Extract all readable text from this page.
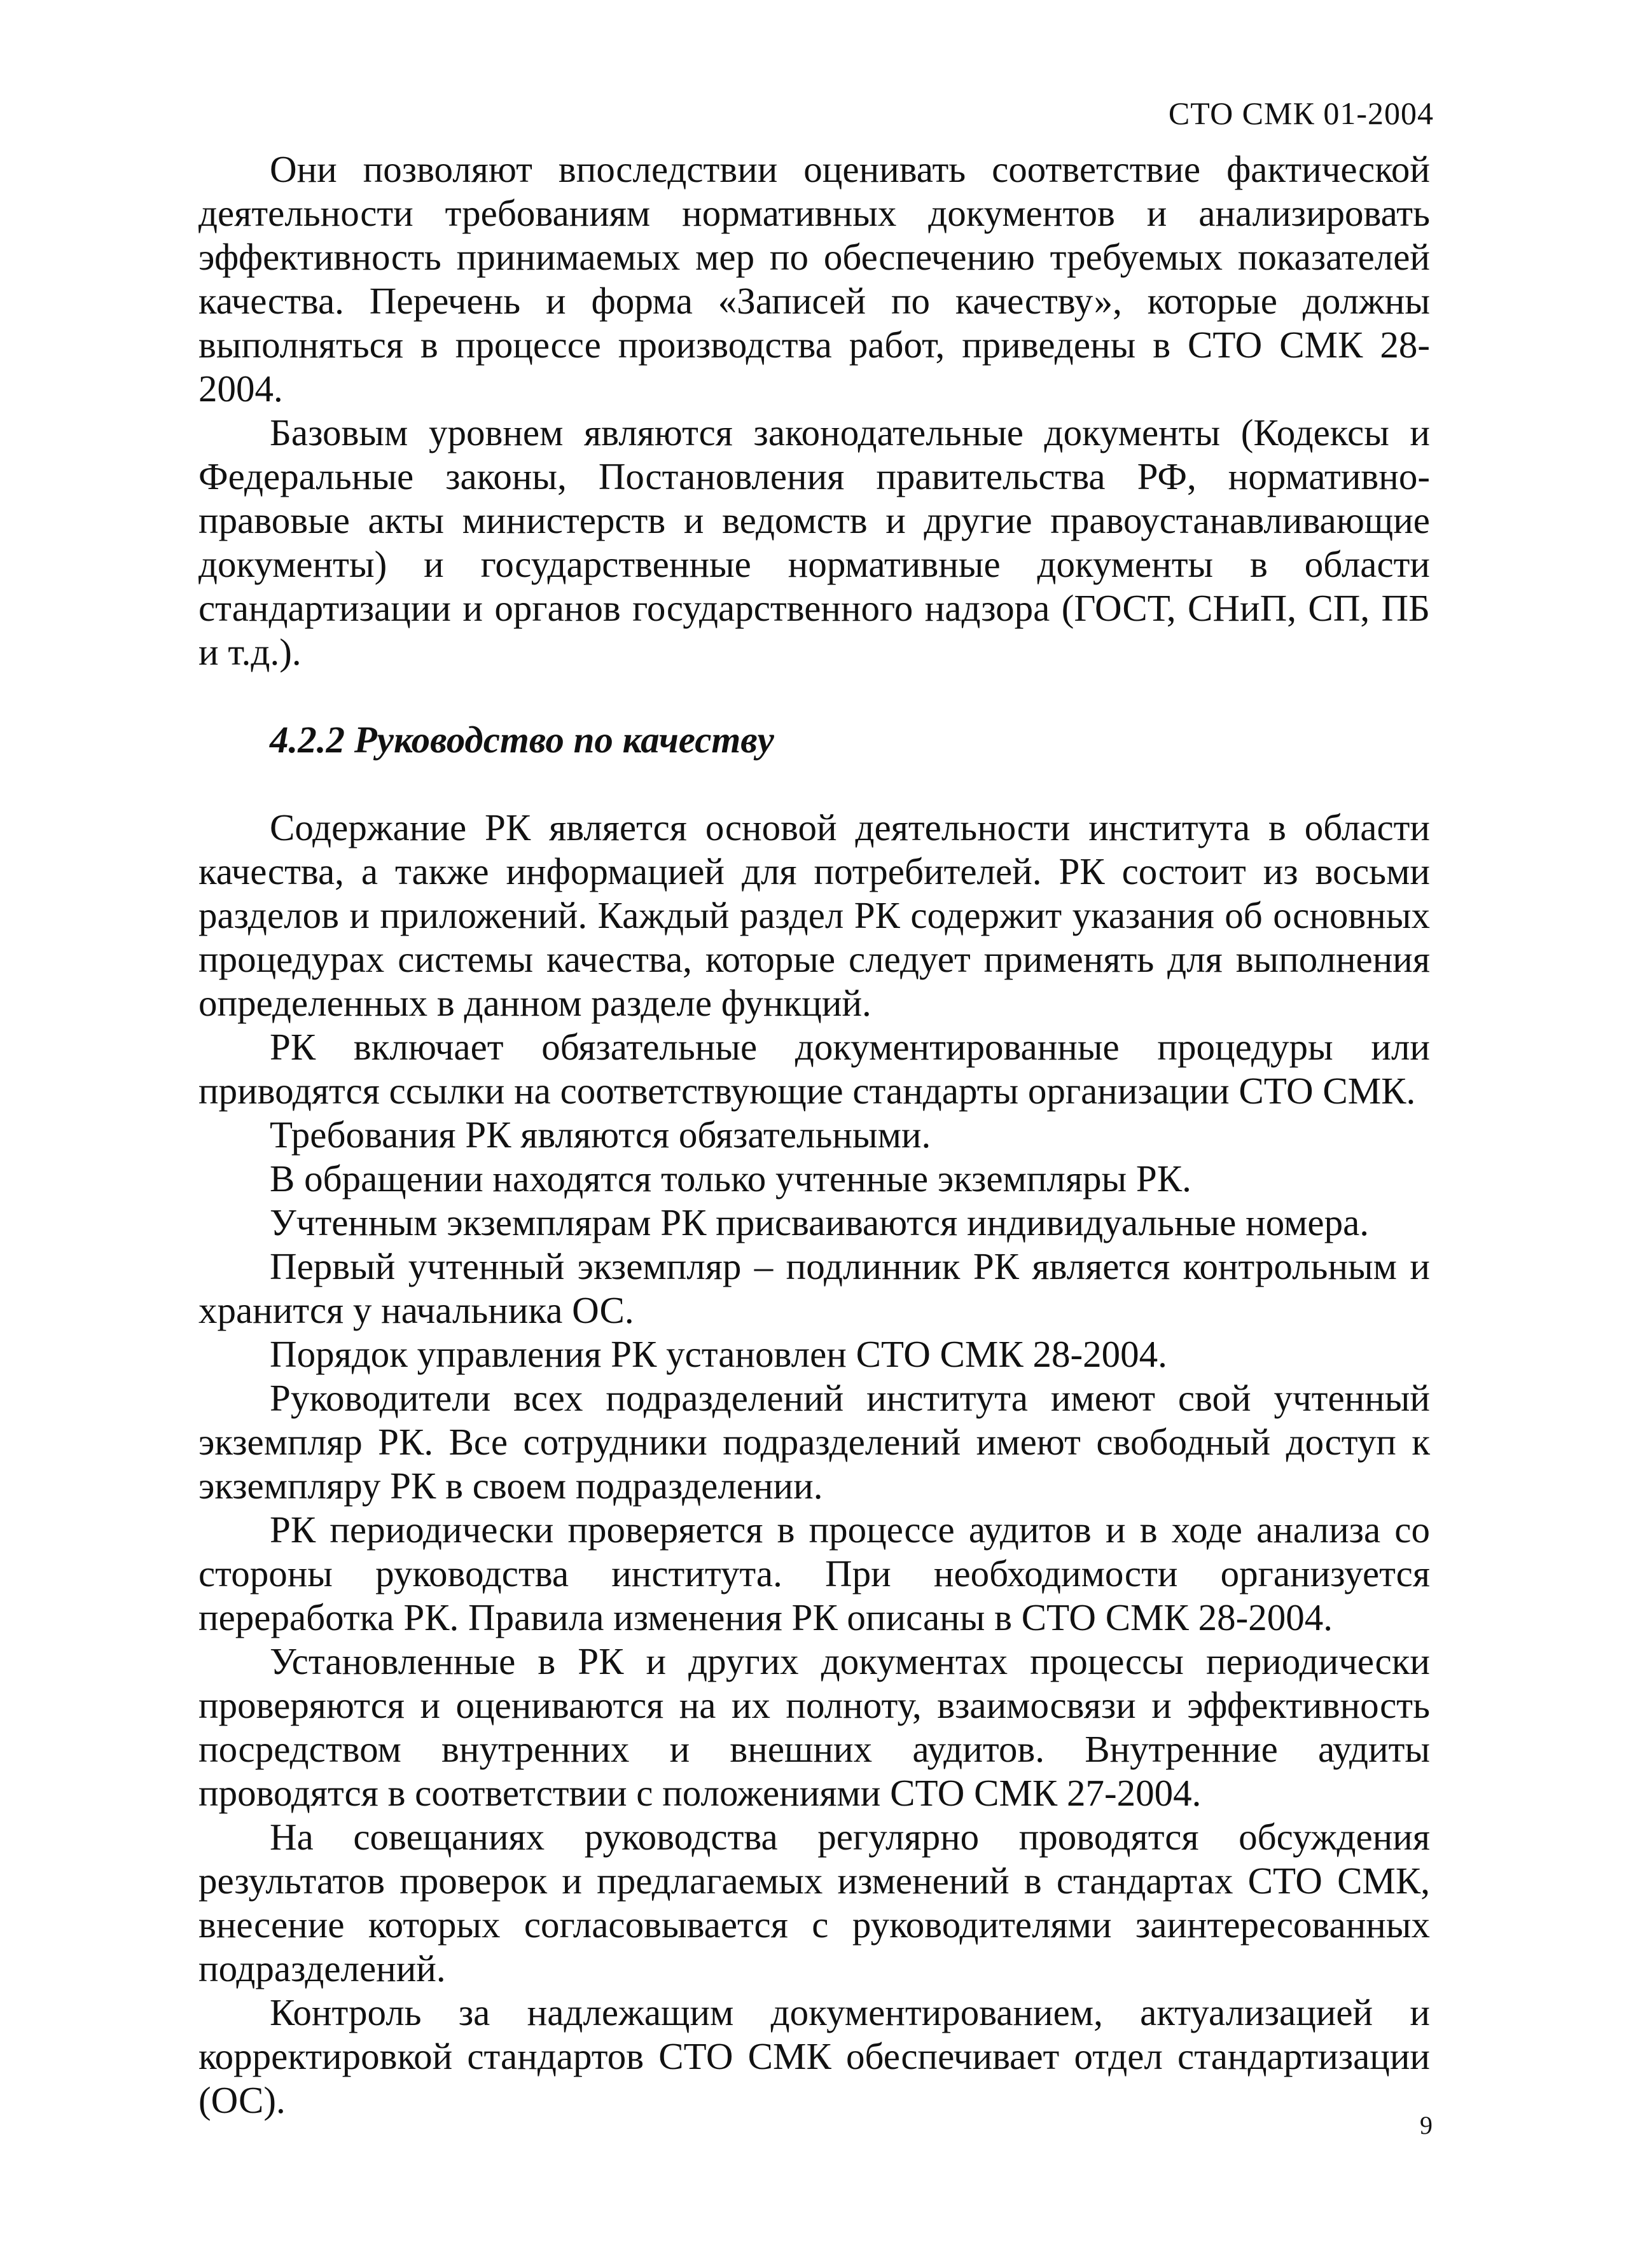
СТО СМК 01-2004

Они позволяют впоследствии оценивать соответствие фактической деятельности требованиям нормативных документов и анализировать эффективность принимаемых мер по обеспечению требуемых показателей качества. Перечень и форма «Записей по качеству», которые должны выполняться в процессе производства работ, приведены в СТО СМК 28-2004.

Базовым уровнем являются законодательные документы (Кодексы и Федеральные законы, Постановления правительства РФ, нормативно-правовые акты министерств и ведомств и другие правоустанавливающие документы) и государственные нормативные документы в области стандартизации и органов государственного надзора (ГОСТ, СНиП, СП, ПБ и т.д.).

4.2.2 Руководство по качеству

Содержание РК является основой деятельности института в области качества, а также информацией для потребителей. РК состоит из восьми разделов и приложений. Каждый раздел РК содержит указания об основных процедурах системы качества, которые следует применять для выполнения определенных в данном разделе функций.

РК включает обязательные документированные процедуры или приводятся ссылки на соответствующие стандарты организации СТО СМК.

Требования РК являются обязательными.

В обращении находятся только учтенные экземпляры РК.

Учтенным экземплярам РК присваиваются индивидуальные номера.

Первый учтенный экземпляр – подлинник РК является контрольным и хранится у начальника ОС.

Порядок управления РК установлен СТО СМК 28-2004.

Руководители всех подразделений института имеют свой учтенный экземпляр РК. Все сотрудники подразделений имеют свободный доступ к экземпляру РК в своем подразделении.

РК периодически проверяется в процессе аудитов и в ходе анализа со стороны руководства института. При необходимости организуется переработка РК. Правила изменения РК описаны в СТО СМК 28-2004.

Установленные в РК и других документах процессы периодически проверяются и оцениваются на их полноту, взаимосвязи и эффективность посредством внутренних и внешних аудитов. Внутренние аудиты проводятся в соответствии с положениями СТО СМК 27-2004.

На совещаниях руководства регулярно проводятся обсуждения результатов проверок и предлагаемых изменений в стандартах СТО СМК, внесение которых согласовывается с руководителями заинтересованных подразделений.

Контроль за надлежащим документированием, актуализацией и корректировкой стандартов СТО СМК обеспечивает отдел стандартизации (ОС).

9
